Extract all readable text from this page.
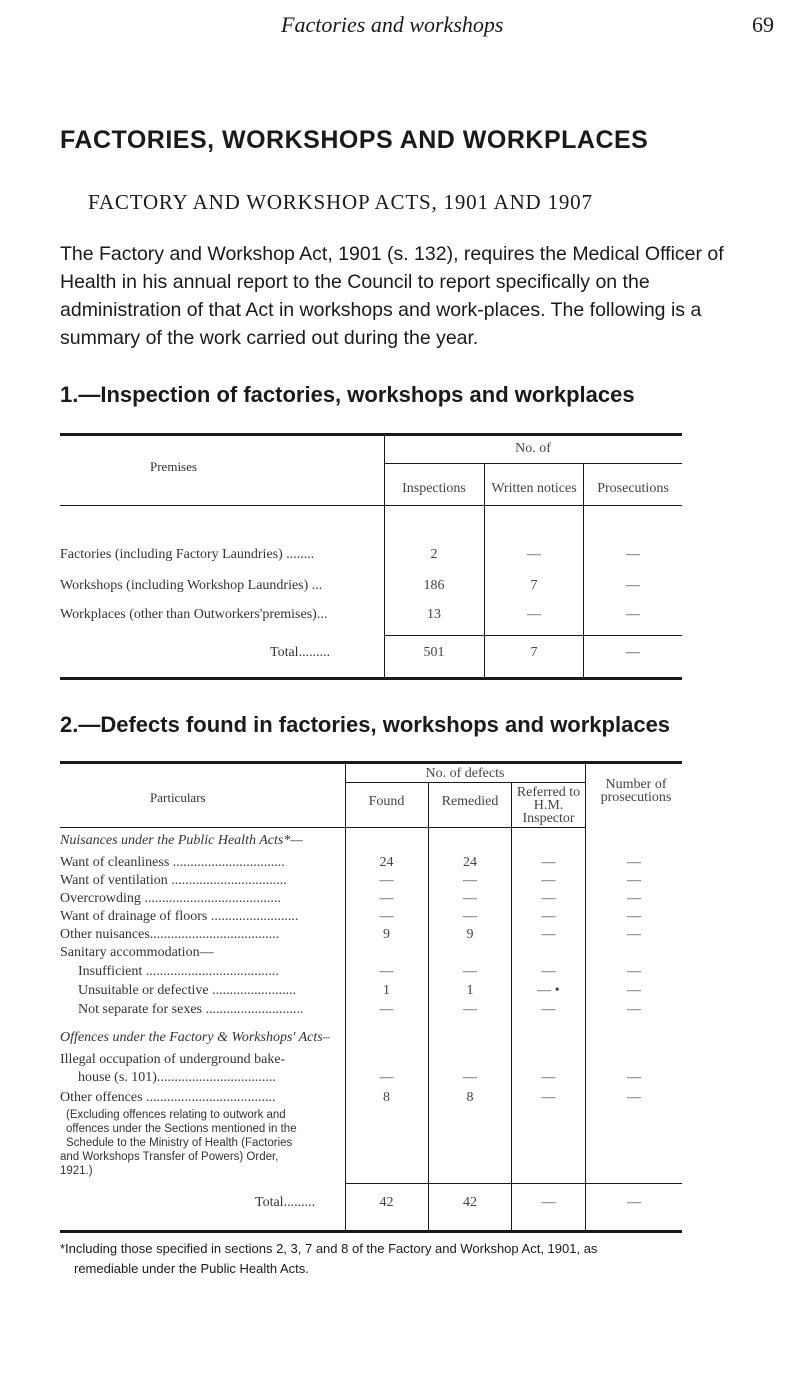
Factories and workshops	69
FACTORIES, WORKSHOPS AND WORKPLACES
FACTORY AND WORKSHOP ACTS, 1901 AND 1907

The Factory and Workshop Act, 1901 (s. 132), requires the Medical Officer of Health in his annual report to the Council to report specifically on the administration of that Act in workshops and work-places. The following is a summary of the work carried out during the year.

1.—Inspection of factories, workshops and workplaces
Premises
No. of
Inspections	Written notices	Prosecutions
Factories (including Factory Laundries) ........	2	—	—
Workshops (including Workshop Laundries) ...	186	7	—
Workplaces (other than Outworkers'premises)...	13	—	—
Total.........	501	7	—
2.—Defects found in factories, workshops and workplaces
Particulars
No. of defects
Found	Remedied
Referred to H.M. Inspector
Number of prosecutions
Nuisances under the Public Health Acts*—
Want of cleanliness ................................	24	24	—	—
Want of ventilation .................................	—	—	—	—
Overcrowding .......................................	—	—	—	—
Want of drainage of floors .........................	—	—	—	—
Other nuisances.....................................	9	9	—	—
Sanitary accommodation—
Insufficient ......................................	—	—	—	—
Unsuitable or defective ........................	1	1	— •	—
Not separate for sexes ............................	—	—	—	—
Offences under the Factory & Workshops' Acts–
Illegal occupation of underground bake-
house (s. 101)..................................	—	—	—	—
Other offences .....................................	8	8	—	—
(Excluding offences relating to outwork and
offences under the Sections mentioned in the
Schedule to the Ministry of Health (Factories
and Workshops Transfer of Powers) Order,
1921.)
Total.........	42	42	—	—

*Including those specified in sections 2, 3, 7 and 8 of the Factory and Workshop Act, 1901, as
remediable under the Public Health Acts.
